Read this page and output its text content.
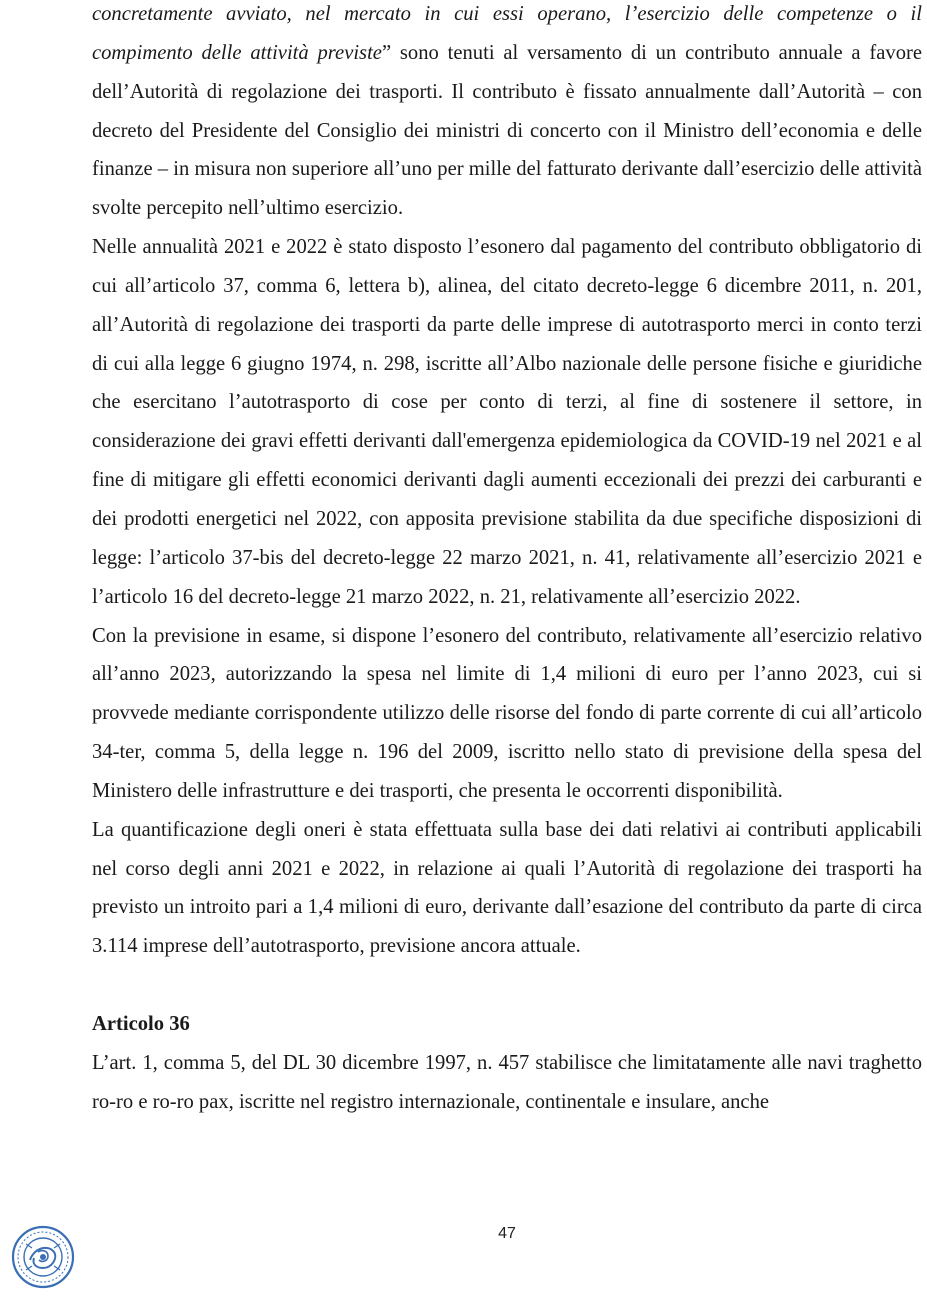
concretamente avviato, nel mercato in cui essi operano, l’esercizio delle competenze o il compimento delle attività previste” sono tenuti al versamento di un contributo annuale a favore dell’Autorità di regolazione dei trasporti. Il contributo è fissato annualmente dall’Autorità – con decreto del Presidente del Consiglio dei ministri di concerto con il Ministro dell’economia e delle finanze – in misura non superiore all’uno per mille del fatturato derivante dall’esercizio delle attività svolte percepito nell’ultimo esercizio.

Nelle annualità 2021 e 2022 è stato disposto l’esonero dal pagamento del contributo obbligatorio di cui all’articolo 37, comma 6, lettera b), alinea, del citato decreto-legge 6 dicembre 2011, n. 201, all’Autorità di regolazione dei trasporti da parte delle imprese di autotrasporto merci in conto terzi di cui alla legge 6 giugno 1974, n. 298, iscritte all’Albo nazionale delle persone fisiche e giuridiche che esercitano l’autotrasporto di cose per conto di terzi, al fine di sostenere il settore, in considerazione dei gravi effetti derivanti dall'emergenza epidemiologica da COVID-19 nel 2021 e al fine di mitigare gli effetti economici derivanti dagli aumenti eccezionali dei prezzi dei carburanti e dei prodotti energetici nel 2022, con apposita previsione stabilita da due specifiche disposizioni di legge: l’articolo 37-bis del decreto-legge 22 marzo 2021, n. 41, relativamente all’esercizio 2021 e l’articolo 16 del decreto-legge 21 marzo 2022, n. 21, relativamente all’esercizio 2022.

Con la previsione in esame, si dispone l’esonero del contributo, relativamente all’esercizio relativo all’anno 2023, autorizzando la spesa nel limite di 1,4 milioni di euro per l’anno 2023, cui si provvede mediante corrispondente utilizzo delle risorse del fondo di parte corrente di cui all’articolo 34-ter, comma 5, della legge n. 196 del 2009, iscritto nello stato di previsione della spesa del Ministero delle infrastrutture e dei trasporti, che presenta le occorrenti disponibilità.

La quantificazione degli oneri è stata effettuata sulla base dei dati relativi ai contributi applicabili nel corso degli anni 2021 e 2022, in relazione ai quali l’Autorità di regolazione dei trasporti ha previsto un introito pari a 1,4 milioni di euro, derivante dall’esazione del contributo da parte di circa 3.114 imprese dell’autotrasporto, previsione ancora attuale.

Articolo 36

L’art. 1, comma 5, del DL 30 dicembre 1997, n. 457 stabilisce che limitatamente alle navi traghetto ro-ro e ro-ro pax, iscritte nel registro internazionale, continentale e insulare, anche

47
